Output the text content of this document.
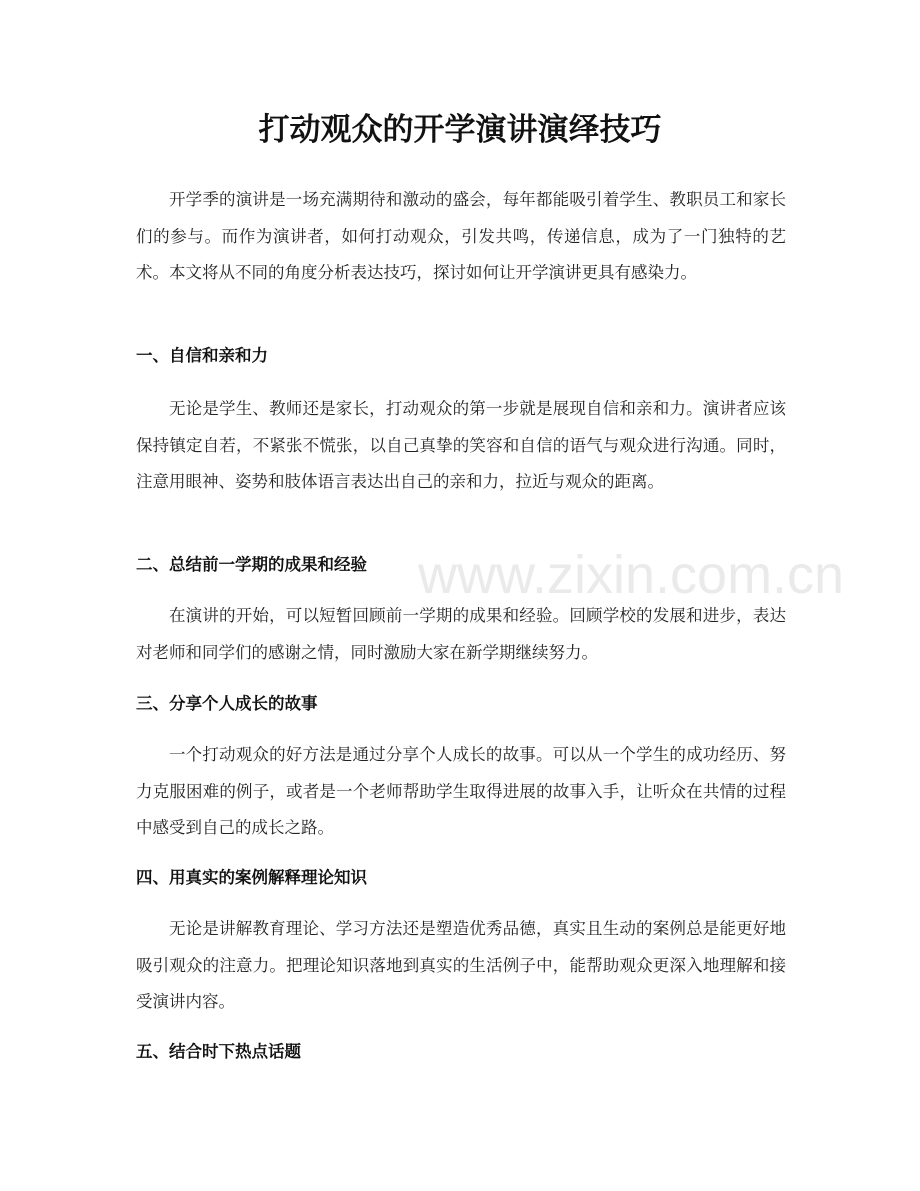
打动观众的开学演讲演绎技巧

开学季的演讲是一场充满期待和激动的盛会，每年都能吸引着学生、教职员工和家长们的参与。而作为演讲者，如何打动观众，引发共鸣，传递信息，成为了一门独特的艺术。本文将从不同的角度分析表达技巧，探讨如何让开学演讲更具有感染力。

一、自信和亲和力

无论是学生、教师还是家长，打动观众的第一步就是展现自信和亲和力。演讲者应该保持镇定自若，不紧张不慌张，以自己真挚的笑容和自信的语气与观众进行沟通。同时，注意用眼神、姿势和肢体语言表达出自己的亲和力，拉近与观众的距离。

二、总结前一学期的成果和经验

在演讲的开始，可以短暂回顾前一学期的成果和经验。回顾学校的发展和进步，表达对老师和同学们的感谢之情，同时激励大家在新学期继续努力。

三、分享个人成长的故事

一个打动观众的好方法是通过分享个人成长的故事。可以从一个学生的成功经历、努力克服困难的例子，或者是一个老师帮助学生取得进展的故事入手，让听众在共情的过程中感受到自己的成长之路。

四、用真实的案例解释理论知识

无论是讲解教育理论、学习方法还是塑造优秀品德，真实且生动的案例总是能更好地吸引观众的注意力。把理论知识落地到真实的生活例子中，能帮助观众更深入地理解和接受演讲内容。

五、结合时下热点话题
www.zixin.com.cn
